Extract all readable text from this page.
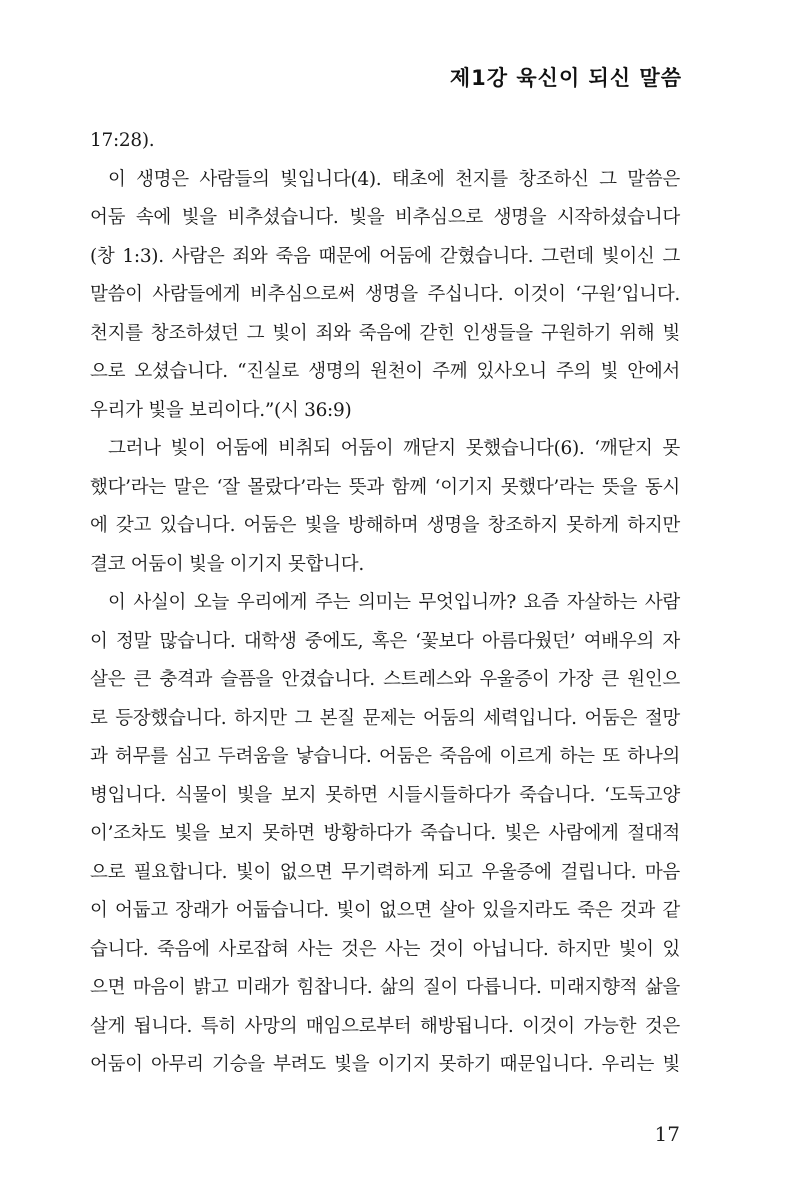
제1강 육신이 되신 말씀
17:28).
이 생명은 사람들의 빛입니다(4). 태초에 천지를 창조하신 그 말씀은
어둠 속에 빛을 비추셨습니다. 빛을 비추심으로 생명을 시작하셨습니다
(창 1:3). 사람은 죄와 죽음 때문에 어둠에 갇혔습니다. 그런데 빛이신 그
말씀이 사람들에게 비추심으로써 생명을 주십니다. 이것이 ‘구원’입니다.
천지를 창조하셨던 그 빛이 죄와 죽음에 갇힌 인생들을 구원하기 위해 빛
으로 오셨습니다. “진실로 생명의 원천이 주께 있사오니 주의 빛 안에서
우리가 빛을 보리이다.”(시 36:9)
그러나 빛이 어둠에 비취되 어둠이 깨닫지 못했습니다(6). ‘깨닫지 못
했다’라는 말은 ‘잘 몰랐다’라는 뜻과 함께 ‘이기지 못했다’라는 뜻을 동시
에 갖고 있습니다. 어둠은 빛을 방해하며 생명을 창조하지 못하게 하지만
결코 어둠이 빛을 이기지 못합니다.
이 사실이 오늘 우리에게 주는 의미는 무엇입니까? 요즘 자살하는 사람
이 정말 많습니다. 대학생 중에도, 혹은 ‘꽃보다 아름다웠던’ 여배우의 자
살은 큰 충격과 슬픔을 안겼습니다. 스트레스와 우울증이 가장 큰 원인으
로 등장했습니다. 하지만 그 본질 문제는 어둠의 세력입니다. 어둠은 절망
과 허무를 심고 두려움을 낳습니다. 어둠은 죽음에 이르게 하는 또 하나의
병입니다. 식물이 빛을 보지 못하면 시들시들하다가 죽습니다. ‘도둑고양
이’조차도 빛을 보지 못하면 방황하다가 죽습니다. 빛은 사람에게 절대적
으로 필요합니다. 빛이 없으면 무기력하게 되고 우울증에 걸립니다. 마음
이 어둡고 장래가 어둡습니다. 빛이 없으면 살아 있을지라도 죽은 것과 같
습니다. 죽음에 사로잡혀 사는 것은 사는 것이 아닙니다. 하지만 빛이 있
으면 마음이 밝고 미래가 힘찹니다. 삶의 질이 다릅니다. 미래지향적 삶을
살게 됩니다. 특히 사망의 매임으로부터 해방됩니다. 이것이 가능한 것은
어둠이 아무리 기승을 부려도 빛을 이기지 못하기 때문입니다. 우리는 빛
17
